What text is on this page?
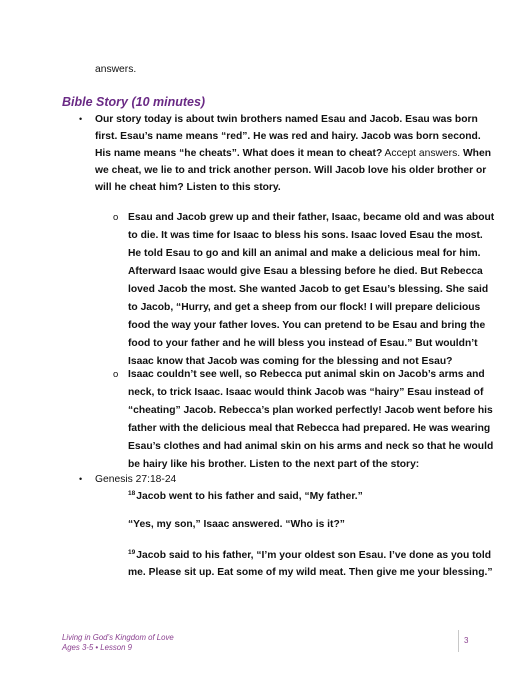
answers.
Bible Story (10 minutes)
• Our story today is about twin brothers named Esau and Jacob. Esau was born
first. Esau’s name means “red”. He was red and hairy. Jacob was born second.
His name means “he cheats”. What does it mean to cheat? Accept answers. When
we cheat, we lie to and trick another person. Will Jacob love his older brother or
will he cheat him? Listen to this story.
o Esau and Jacob grew up and their father, Isaac, became old and was about
to die. It was time for Isaac to bless his sons. Isaac loved Esau the most.
He told Esau to go and kill an animal and make a delicious meal for him.
Afterward Isaac would give Esau a blessing before he died. But Rebecca
loved Jacob the most. She wanted Jacob to get Esau’s blessing. She said
to Jacob, “Hurry, and get a sheep from our flock! I will prepare delicious
food the way your father loves. You can pretend to be Esau and bring the
food to your father and he will bless you instead of Esau.” But wouldn’t
Isaac know that Jacob was coming for the blessing and not Esau?
o Isaac couldn’t see well, so Rebecca put animal skin on Jacob’s arms and
neck, to trick Isaac. Isaac would think Jacob was “hairy” Esau instead of
“cheating” Jacob. Rebecca’s plan worked perfectly! Jacob went before his
father with the delicious meal that Rebecca had prepared. He was wearing
Esau’s clothes and had animal skin on his arms and neck so that he would
be hairy like his brother. Listen to the next part of the story:
• Genesis 27:18-24
$^{18}$Jacob went to his father and said, “My father.”
“Yes, my son,” Isaac answered. “Who is it?”
$^{19}$Jacob said to his father, “I’m your oldest son Esau. I’ve done as you told
me. Please sit up. Eat some of my wild meat. Then give me your blessing.”
Living in God’s Kingdom of Love
Ages 3-5 • Lesson 9
3
